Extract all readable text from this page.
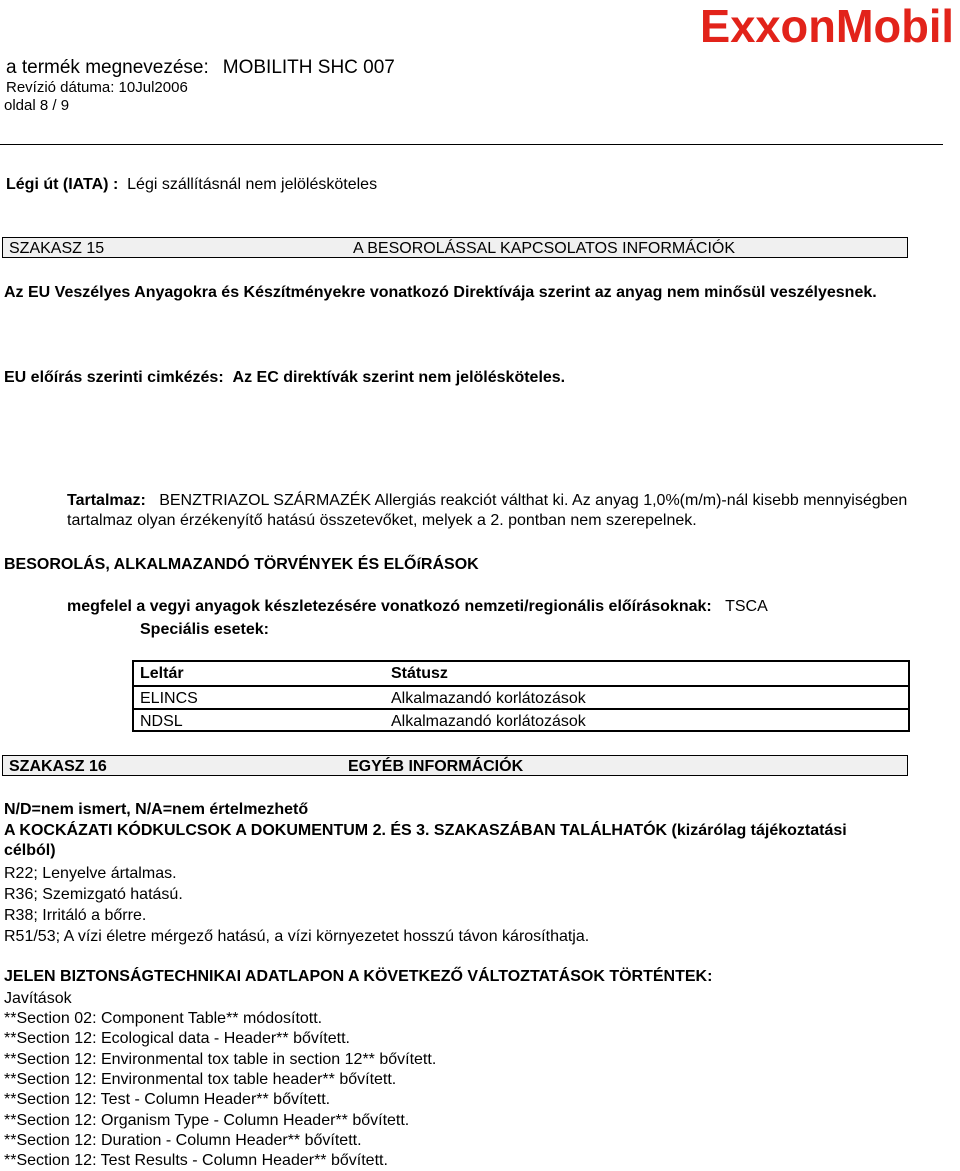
ExxonMobil
a termék megnevezése: MOBILITH SHC 007
Revízió dátuma: 10Jul2006
oldal 8 / 9
Légi út (IATA) : Légi szállításnál nem jelölésköteles
SZAKASZ 15	A BESOROLÁSSAL KAPCSOLATOS INFORMÁCIÓK
Az EU Veszélyes Anyagokra és Készítményekre vonatkozó Direktívája szerint az anyag nem minősül veszélyesnek.
EU előírás szerinti cimkézés: Az EC direktívák szerint nem jelölésköteles.
Tartalmaz: BENZTRIAZOL SZÁRMAZÉK Allergiás reakciót válthat ki. Az anyag 1,0%(m/m)-nál kisebb mennyiségben tartalmaz olyan érzékenyítő hatású összetevőket, melyek a 2. pontban nem szerepelnek.
BESOROLÁS, ALKALMAZANDÓ TÖRVÉNYEK ÉS ELŐíRÁSOK
megfelel a vegyi anyagok készletezésére vonatkozó nemzeti/regionális előírásoknak: TSCA
Speciális esetek:
Leltár	Státusz
ELINCS	Alkalmazandó korlátozások
NDSL	Alkalmazandó korlátozások
SZAKASZ 16	EGYÉB INFORMÁCIÓK
N/D=nem ismert, N/A=nem értelmezhető
A KOCKÁZATI KÓDKULCSOK A DOKUMENTUM 2. ÉS 3. SZAKASZÁBAN TALÁLHATÓK (kizárólag tájékoztatási célból)
R22; Lenyelve ártalmas.
R36; Szemizgató hatású.
R38; Irritáló a bőrre.
R51/53; A vízi életre mérgező hatású, a vízi környezetet hosszú távon károsíthatja.
JELEN BIZTONSÁGTECHNIKAI ADATLAPON A KÖVETKEZŐ VÁLTOZTATÁSOK TÖRTÉNTEK:
Javítások
**Section 02: Component Table** módosított.
**Section 12: Ecological data - Header** bővített.
**Section 12: Environmental tox table in section 12** bővített.
**Section 12: Environmental tox table header** bővített.
**Section 12: Test - Column Header** bővített.
**Section 12: Organism Type - Column Header** bővített.
**Section 12: Duration - Column Header** bővített.
**Section 12: Test Results - Column Header** bővített.
